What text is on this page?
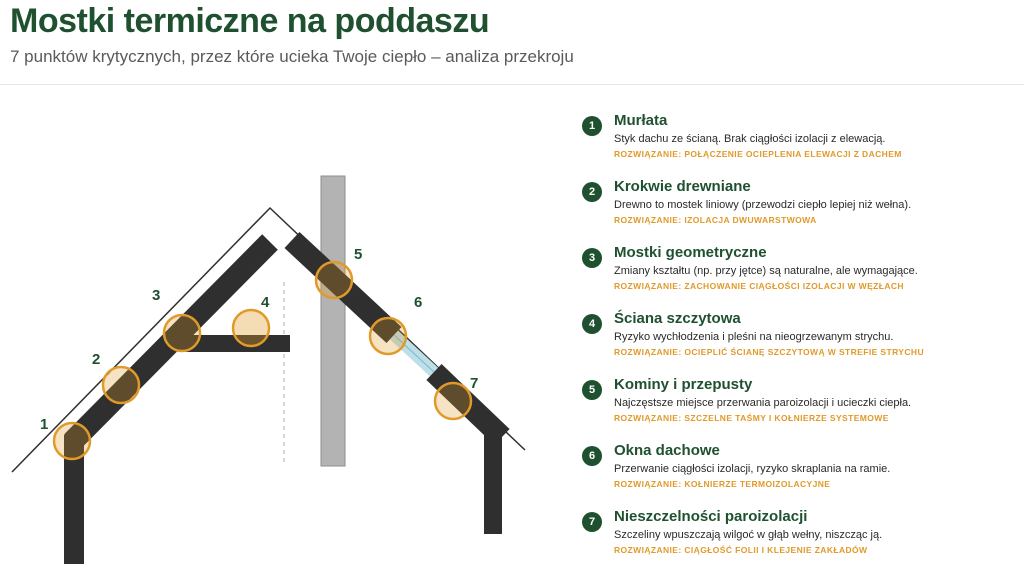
Mostki termiczne na poddaszu
7 punktów krytycznych, przez które ucieka Twoje ciepło – analiza przekroju
1
2
3	4
5
6
7
1	Murłata
Styk dachu ze ścianą. Brak ciągłości izolacji z elewacją.
ROZWIĄZANIE: POŁĄCZENIE OCIEPLENIA ELEWACJI Z DACHEM
2	Krokwie drewniane
Drewno to mostek liniowy (przewodzi ciepło lepiej niż wełna).
ROZWIĄZANIE: IZOLACJA DWUWARSTWOWA
3	Mostki geometryczne
Zmiany kształtu (np. przy jętce) są naturalne, ale wymagające.
ROZWIĄZANIE: ZACHOWANIE CIĄGŁOŚCI IZOLACJI W WĘZŁACH
4	Ściana szczytowa
Ryzyko wychłodzenia i pleśni na nieogrzewanym strychu.
ROZWIĄZANIE: OCIEPLIĆ ŚCIANĘ SZCZYTOWĄ W STREFIE STRYCHU
5	Kominy i przepusty
Najczęstsze miejsce przerwania paroizolacji i ucieczki ciepła.
ROZWIĄZANIE: SZCZELNE TAŚMY I KOŁNIERZE SYSTEMOWE
6	Okna dachowe
Przerwanie ciągłości izolacji, ryzyko skraplania na ramie.
ROZWIĄZANIE: KOŁNIERZE TERMOIZOLACYJNE
7	Nieszczelności paroizolacji
Szczeliny wpuszczają wilgoć w głąb wełny, niszcząc ją.
ROZWIĄZANIE: CIĄGŁOŚĆ FOLII I KLEJENIE ZAKŁADÓW
